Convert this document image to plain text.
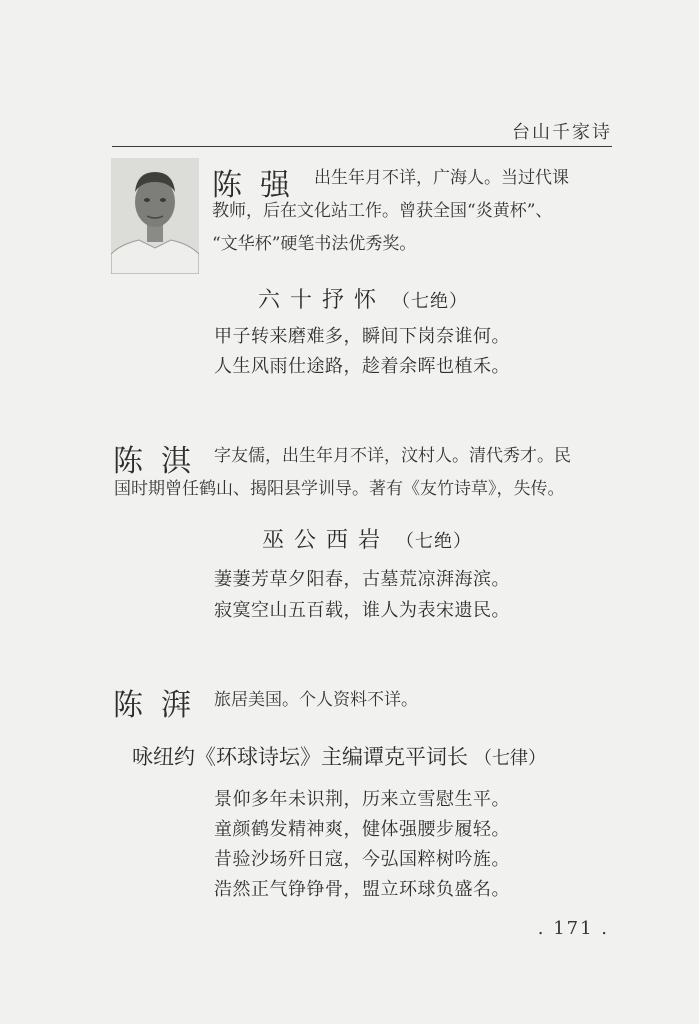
台山千家诗
陈强 出生年月不详，广海人。当过代课
教师，后在文化站工作。曾获全国“炎黄杯”、
“文华杯”硬笔书法优秀奖。
六十抒怀 （七绝）
甲子转来磨难多，瞬间下岗奈谁何。
人生风雨仕途路，趁着余晖也植禾。
陈淇 字友儒，出生年月不详，汶村人。清代秀才。民
国时期曾任鹤山、揭阳县学训导。著有《友竹诗草》，失传。
巫公西岩 （七绝）
萋萋芳草夕阳春，古墓荒凉湃海滨。
寂寞空山五百载，谁人为表宋遗民。
陈湃 旅居美国。个人资料不详。
咏纽约《环球诗坛》主编谭克平词长 （七律）
景仰多年未识荆，历来立雪慰生平。
童颜鹤发精神爽，健体强腰步履轻。
昔验沙场歼日寇，今弘国粹树吟旌。
浩然正气铮铮骨，盟立环球负盛名。
. 171 .
